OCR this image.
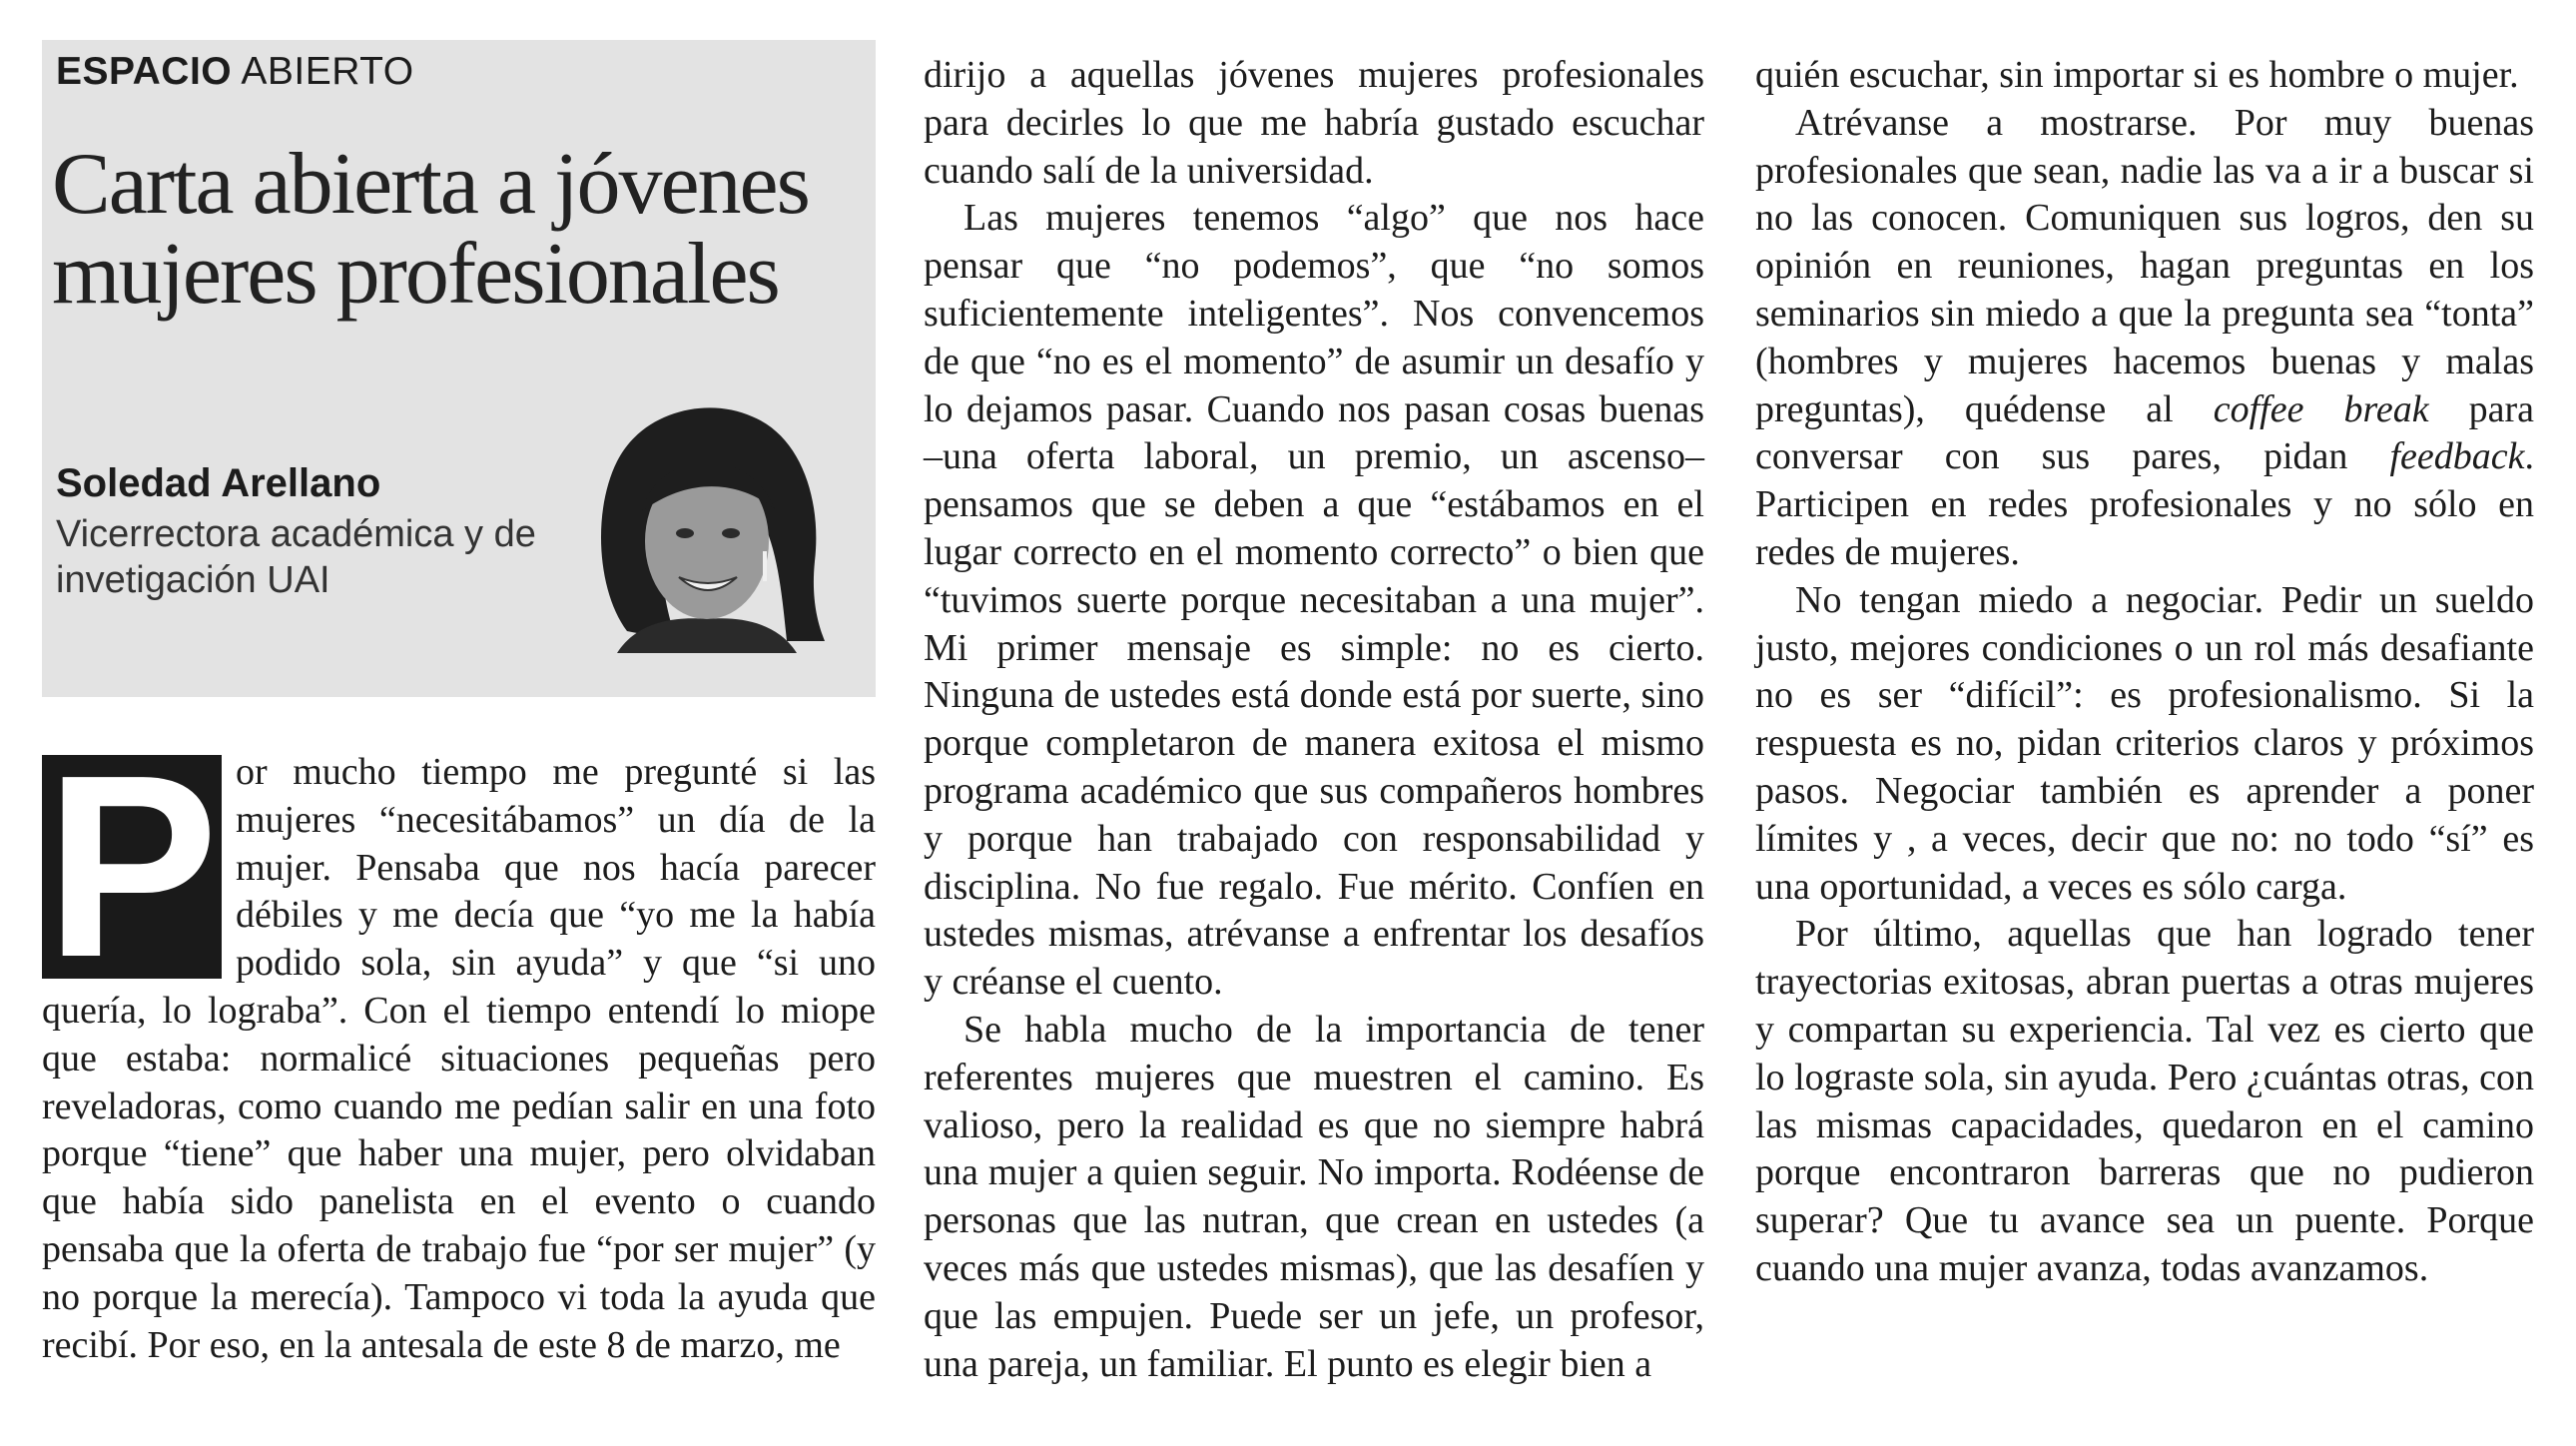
ESPACIO ABIERTO
Carta abierta a jóvenes mujeres profesionales
Soledad Arellano
Vicerrectora académica y de invetigación UAI
P or mucho tiempo me pregunté si las mujeres “necesitábamos” un día de la mujer. Pensaba que nos hacía parecer débiles y me decía que “yo me la había podido sola, sin ayuda” y que “si uno quería, lo lograba”. Con el tiempo entendí lo miope que estaba: normalicé situaciones pequeñas pero reveladoras, como cuando me pedían salir en una foto porque “tiene” que haber una mujer, pero olvidaban que había sido panelista en el evento o cuando pensaba que la oferta de trabajo fue “por ser mujer” (y no porque la merecía). Tampoco vi toda la ayuda que recibí. Por eso, en la antesala de este 8 de marzo, me

dirijo a aquellas jóvenes mujeres profesionales para decirles lo que me habría gustado escuchar cuando salí de la universidad.

Las mujeres tenemos “algo” que nos hace pensar que “no podemos”, que “no somos suficientemente inteligentes”. Nos convencemos de que “no es el momento” de asumir un desafío y lo dejamos pasar. Cuando nos pasan cosas buenas –una oferta laboral, un premio, un ascenso– pensamos que se deben a que “estábamos en el lugar correcto en el momento correcto” o bien que “tuvimos suerte porque necesitaban a una mujer”. Mi primer mensaje es simple: no es cierto. Ninguna de ustedes está donde está por suerte, sino porque completaron de manera exitosa el mismo programa académico que sus compañeros hombres y porque han trabajado con responsabilidad y disciplina. No fue regalo. Fue mérito. Confíen en ustedes mismas, atrévanse a enfrentar los desafíos y créanse el cuento.

Se habla mucho de la importancia de tener referentes mujeres que muestren el camino. Es valioso, pero la realidad es que no siempre habrá una mujer a quien seguir. No importa. Rodéense de personas que las nutran, que crean en ustedes (a veces más que ustedes mismas), que las desafíen y que las empujen. Puede ser un jefe, un profesor, una pareja, un familiar. El punto es elegir bien a

quién escuchar, sin importar si es hombre o mujer.

Atrévanse a mostrarse. Por muy buenas profesionales que sean, nadie las va a ir a buscar si no las conocen. Comuniquen sus logros, den su opinión en reuniones, hagan preguntas en los seminarios sin miedo a que la pregunta sea “tonta” (hombres y mujeres hacemos buenas y malas preguntas), quédense al coffee break para conversar con sus pares, pidan feedback. Participen en redes profesionales y no sólo en redes de mujeres.

No tengan miedo a negociar. Pedir un sueldo justo, mejores condiciones o un rol más desafiante no es ser “difícil”: es profesionalismo. Si la respuesta es no, pidan criterios claros y próximos pasos. Negociar también es aprender a poner límites y , a veces, decir que no: no todo “sí” es una oportunidad, a veces es sólo carga.

Por último, aquellas que han logrado tener trayectorias exitosas, abran puertas a otras mujeres y compartan su experiencia. Tal vez es cierto que lo lograste sola, sin ayuda. Pero ¿cuántas otras, con las mismas capacidades, quedaron en el camino porque encontraron barreras que no pudieron superar? Que tu avance sea un puente. Porque cuando una mujer avanza, todas avanzamos.
